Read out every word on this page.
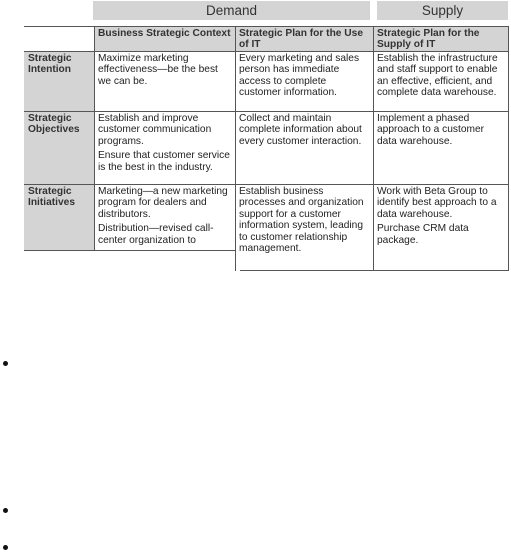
Demand	Supply
Business Strategic Context Strategic Plan for the Use of IT
Strategic Plan for the Supply of IT
Strategic Intention

Maximize marketing effectiveness—be the best we can be.

Every marketing and sales person has immediate access to complete customer information.

Establish the infrastructure and staff support to enable an effective, efficient, and complete data warehouse.

Strategic Objectives

Establish and improve customer communication programs.

Ensure that customer service is the best in the industry.

Collect and maintain complete information about every customer interaction.

Implement a phased approach to a customer data warehouse.

Strategic Initiatives

Marketing—a new marketing program for dealers and distributors.

Distribution—revised call-center organization to

Establish business processes and organization support for a customer information system, leading to customer relationship management.

Work with Beta Group to identify best approach to a data warehouse.

Purchase CRM data package.
